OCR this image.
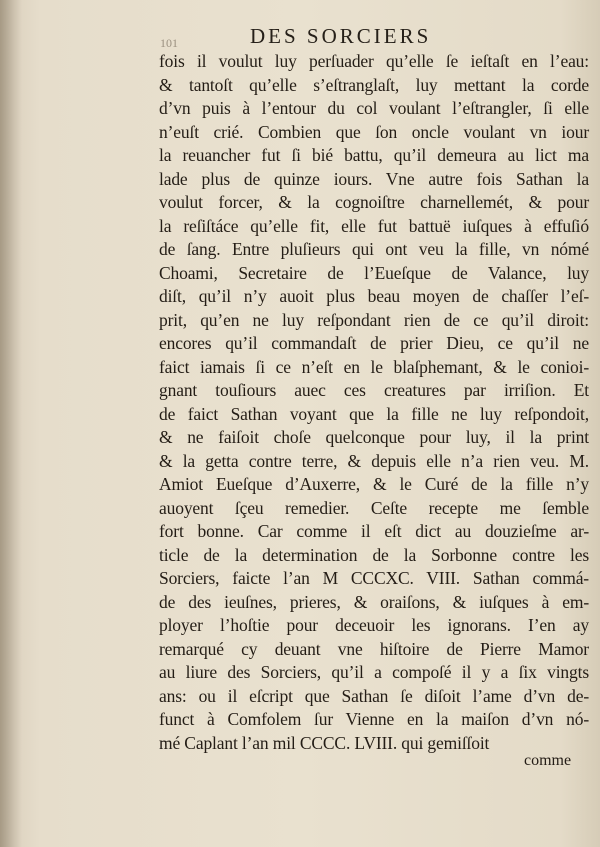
101	DES SORCIERS
fois il voulut luy perſuader qu’elle ſe ieſtaſt en l’eau:
& tantoſt qu’elle s’eſtranglaſt, luy mettant la corde
d’vn puis à l’entour du col voulant l’eſtrangler, ſi elle
n’euſt crié. Combien que ſon oncle voulant vn iour
la reuancher fut ſi bié battu, qu’il demeura au lict ma
lade plus de quinze iours. Vne autre fois Sathan la
voulut forcer, & la cognoiſtre charnellemét, & pour
la reſiſtáce qu’elle fit, elle fut battuë iuſques à effuſió
de ſang. Entre pluſieurs qui ont veu la fille, vn nómé
Choami, Secretaire de l’Eueſque de Valance, luy
diſt, qu’il n’y auoit plus beau moyen de chaſſer l’eſ-
prit, qu’en ne luy reſpondant rien de ce qu’il diroit:
encores qu’il commandaſt de prier Dieu, ce qu’il ne
faict iamais ſi ce n’eſt en le blaſphemant, & le conioi-
gnant touſiours auec ces creatures par irriſion. Et
de faict Sathan voyant que la fille ne luy reſpondoit,
& ne faiſoit choſe quelconque pour luy, il la print
& la getta contre terre, & depuis elle n’a rien veu. M.
Amiot Eueſque d’Auxerre, & le Curé de la fille n’y
auoyent ſçeu remedier. Ceſte recepte me ſemble
fort bonne. Car comme il eſt dict au douzieſme ar-
ticle de la determination de la Sorbonne contre les
Sorciers, faicte l’an M CCCXC. VIII. Sathan commá-
de des ieuſnes, prieres, & oraiſons, & iuſques à em-
ployer l’hoſtie pour deceuoir les ignorans. I’en ay
remarqué cy deuant vne hiſtoire de Pierre Mamor
au liure des Sorciers, qu’il a compoſé il y a ſix vingts
ans: ou il eſcript que Sathan ſe diſoit l’ame d’vn de-
funct à Comfolem ſur Vienne en la maiſon d’vn nó-
mé Caplant l’an mil CCCC. LVIII. qui gemiſſoit
comme
